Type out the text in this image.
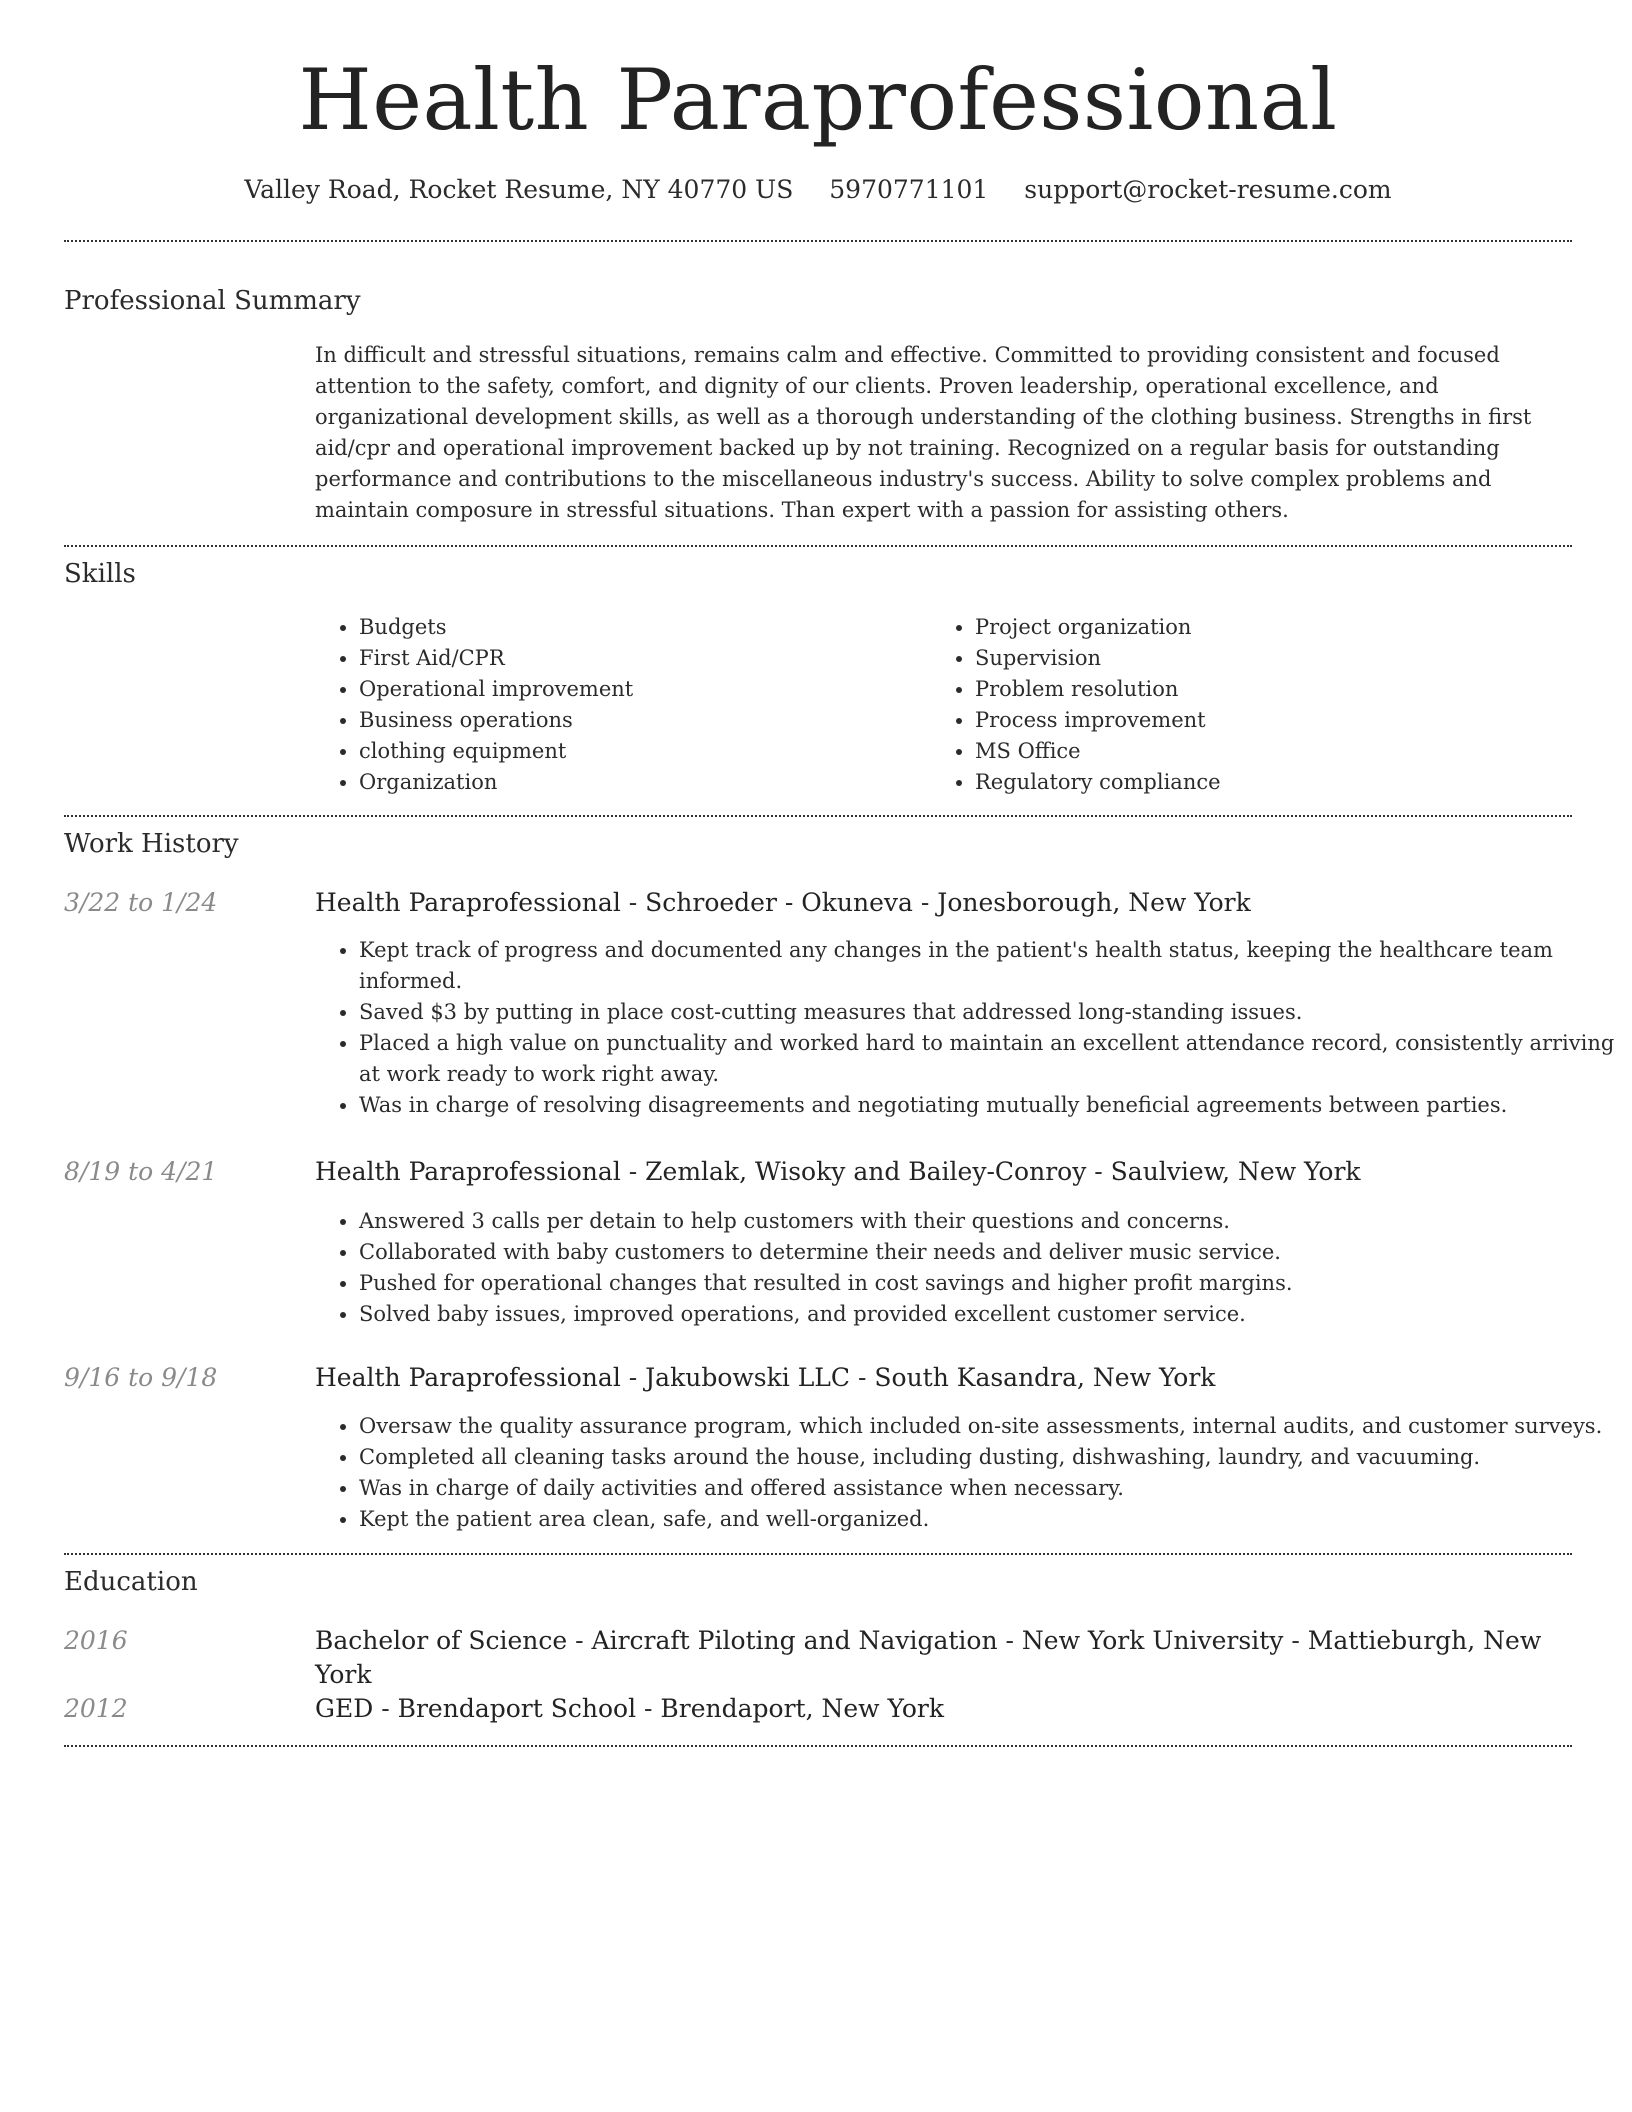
Health Paraprofessional
Valley Road, Rocket Resume, NY 40770 US 5970771101 support@rocket-resume.com
Professional Summary

In difficult and stressful situations, remains calm and effective. Committed to providing consistent and focused attention to the safety, comfort, and dignity of our clients. Proven leadership, operational excellence, and organizational development skills, as well as a thorough understanding of the clothing business. Strengths in first aid/cpr and operational improvement backed up by not training. Recognized on a regular basis for outstanding performance and contributions to the miscellaneous industry's success. Ability to solve complex problems and maintain composure in stressful situations. Than expert with a passion for assisting others.

Skills
• Budgets
• First Aid/CPR
• Operational improvement
• Business operations
• clothing equipment
• Organization
• Project organization
• Supervision
• Problem resolution
• Process improvement
• MS Office
• Regulatory compliance
Work History
3/22 to 1/24	Health Paraprofessional - Schroeder - Okuneva - Jonesborough, New York
• Kept track of progress and documented any changes in the patient's health status, keeping the healthcare team informed.
• Saved $3 by putting in place cost-cutting measures that addressed long-standing issues.
• Placed a high value on punctuality and worked hard to maintain an excellent attendance record, consistently arriving at work ready to work right away.
• Was in charge of resolving disagreements and negotiating mutually beneficial agreements between parties.
8/19 to 4/21	Health Paraprofessional - Zemlak, Wisoky and Bailey-Conroy - Saulview, New York
• Answered 3 calls per detain to help customers with their questions and concerns.
• Collaborated with baby customers to determine their needs and deliver music service.
• Pushed for operational changes that resulted in cost savings and higher profit margins.
• Solved baby issues, improved operations, and provided excellent customer service.
9/16 to 9/18	Health Paraprofessional - Jakubowski LLC - South Kasandra, New York
• Oversaw the quality assurance program, which included on-site assessments, internal audits, and customer surveys.
• Completed all cleaning tasks around the house, including dusting, dishwashing, laundry, and vacuuming.
• Was in charge of daily activities and offered assistance when necessary.
• Kept the patient area clean, safe, and well-organized.
Education
2016	Bachelor of Science - Aircraft Piloting and Navigation - New York University - Mattieburgh, New York
2012	GED - Brendaport School - Brendaport, New York
